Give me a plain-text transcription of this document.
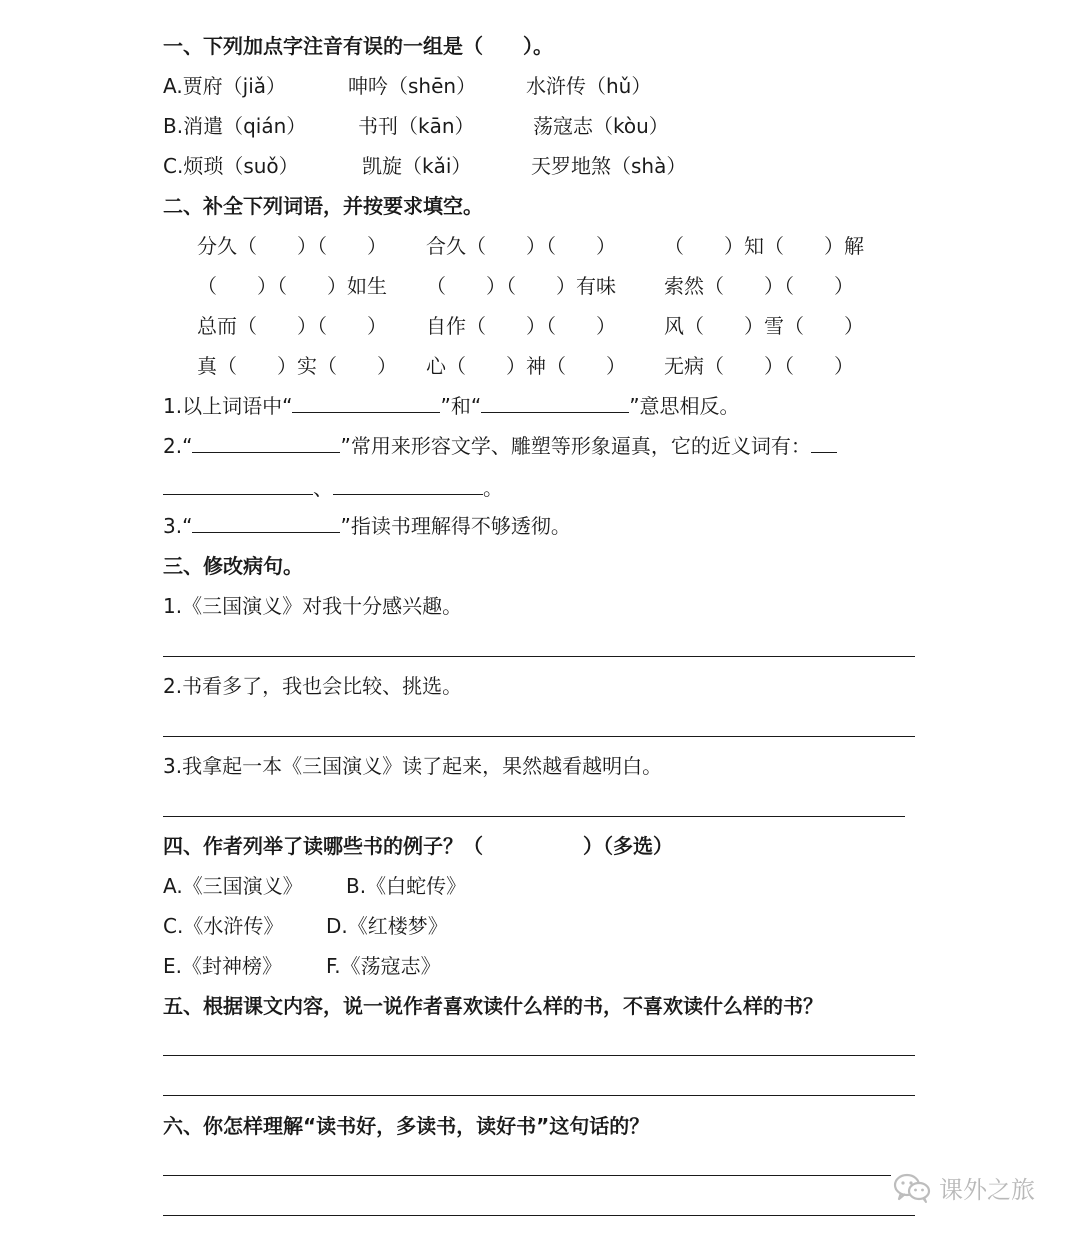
一、下列加点字注音有误的一组是（　　）。
A.贾府（jiǎ）	呻吟（shēn） 水浒传（hǔ）
B.消遣（qián）	书刊（kān）	荡寇志（kòu）
C.烦琐（suǒ）	凯旋（kǎi）	天罗地煞（shà）
二、补全下列词语，并按要求填空。
分久（　　）（　　） 合久（　　）（　　） （　　）知（　　）解
（　　）（　　）如生 （　　）（　　）有味 索然（　　）（　　）
总而（　　）（　　） 自作（　　）（　　） 风（　　）雪（　　）
真（　　）实（　　） 心（　　）神（　　） 无病（　　）（　　）
1.以上词语中“	”和“	”意思相反。
2.“	”常用来形容文学、雕塑等形象逼真，它的近义词有：
、	。
3.“	”指读书理解得不够透彻。
三、修改病句。
1.《三国演义》对我十分感兴趣。
2.书看多了，我也会比较、挑选。
3.我拿起一本《三国演义》读了起来，果然越看越明白。
四、作者列举了读哪些书的例子？（　　　　　）（多选）
A.《三国演义》 B.《白蛇传》
C.《水浒传》 D.《红楼梦》
E.《封神榜》 F.《荡寇志》
五、根据课文内容，说一说作者喜欢读什么样的书，不喜欢读什么样的书？
六、你怎样理解“读书好，多读书，读好书”这句话的？
课外之旅
